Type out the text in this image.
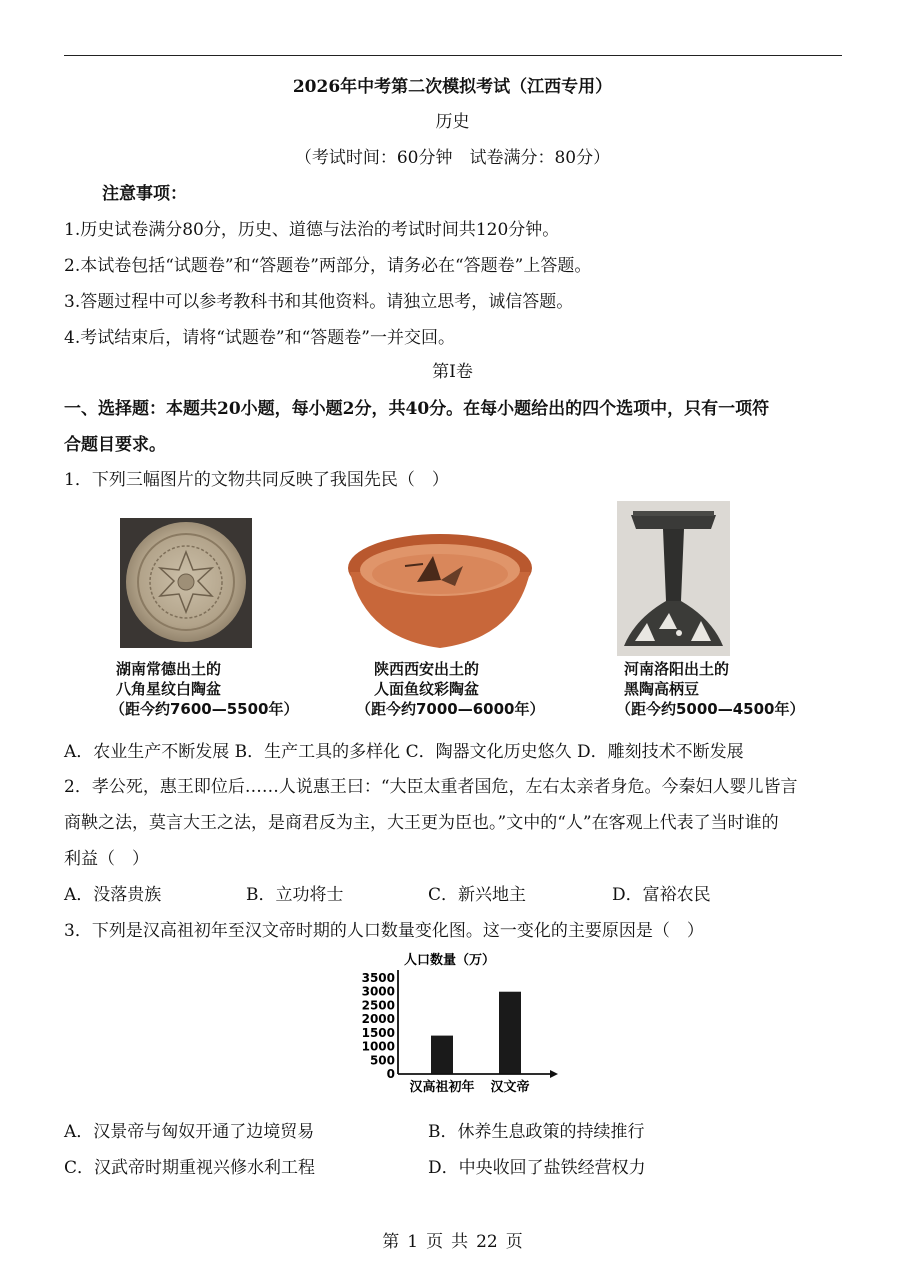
2026年中考第二次模拟考试（江西专用）
历史
（考试时间：60分钟　试卷满分：80分）
注意事项：
1.历史试卷满分80分，历史、道德与法治的考试时间共120分钟。
2.本试卷包括“试题卷”和“答题卷”两部分，请务必在“答题卷”上答题。
3.答题过程中可以参考教科书和其他资料。请独立思考，诚信答题。
4.考试结束后，请将“试题卷”和“答题卷”一并交回。
第Ⅰ卷
一、选择题：本题共20小题，每小题2分，共40分。在每小题给出的四个选项中，只有一项符
合题目要求。
1．下列三幅图片的文物共同反映了我国先民（　）
湖南常德出土的
八角星纹白陶盆
（距今约7600—5500年）
陕西西安出土的
人面鱼纹彩陶盆
（距今约7000—6000年）
河南洛阳出土的
黑陶高柄豆
（距今约5000—4500年）
A．农业生产不断发展 B．生产工具的多样化 C．陶器文化历史悠久 D．雕刻技术不断发展
2．孝公死，惠王即位后……人说惠王曰：“大臣太重者国危，左右太亲者身危。今秦妇人婴儿皆言
商鞅之法，莫言大王之法，是商君反为主，大王更为臣也。”文中的“人”在客观上代表了当时谁的
利益（　）
A．没落贵族	B．立功将士	C．新兴地主	D．富裕农民
3．下列是汉高祖初年至汉文帝时期的人口数量变化图。这一变化的主要原因是（　）
人口数量（万）
0
500
1000
1500
2000
2500
3000
3500
汉高祖初年 汉文帝
A．汉景帝与匈奴开通了边境贸易	B．休养生息政策的持续推行
C．汉武帝时期重视兴修水利工程	D．中央收回了盐铁经营权力
第 1 页 共 22 页
